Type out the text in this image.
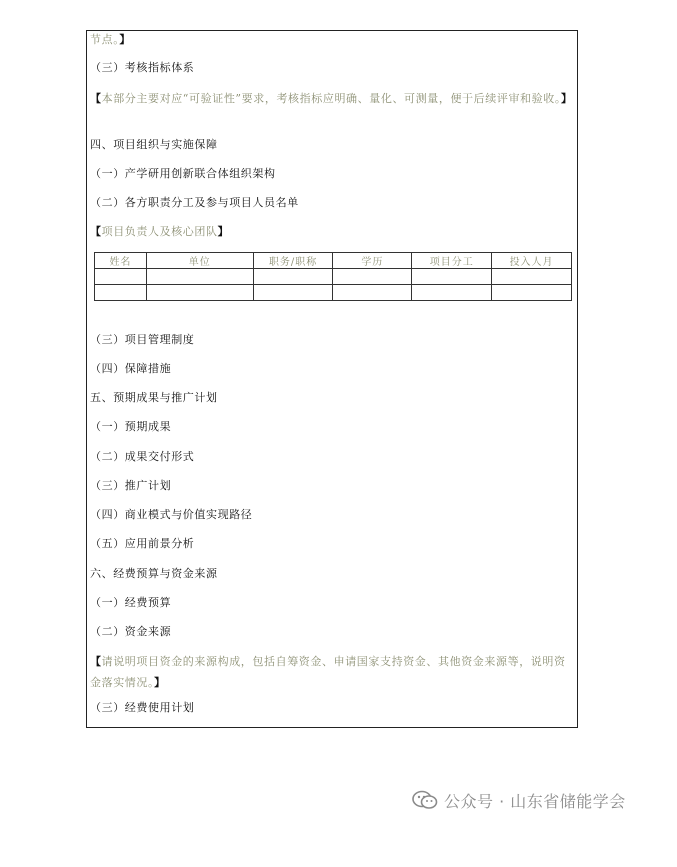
节点。】
（三）考核指标体系
【本部分主要对应“可验证性”要求，考核指标应明确、量化、可测量，便于后续评审和验收。】
四、项目组织与实施保障
（一）产学研用创新联合体组织架构
（二）各方职责分工及参与项目人员名单
【项目负责人及核心团队】
姓名	单位	职务/职称	学历	项目分工	投入人月

（三）项目管理制度
（四）保障措施
五、预期成果与推广计划
（一）预期成果
（二）成果交付形式
（三）推广计划
（四）商业模式与价值实现路径
（五）应用前景分析
六、经费预算与资金来源
（一）经费预算
（二）资金来源
【请说明项目资金的来源构成，包括自筹资金、申请国家支持资金、其他资金来源等，说明资金落实情况。】
（三）经费使用计划
公众号 · 山东省储能学会
